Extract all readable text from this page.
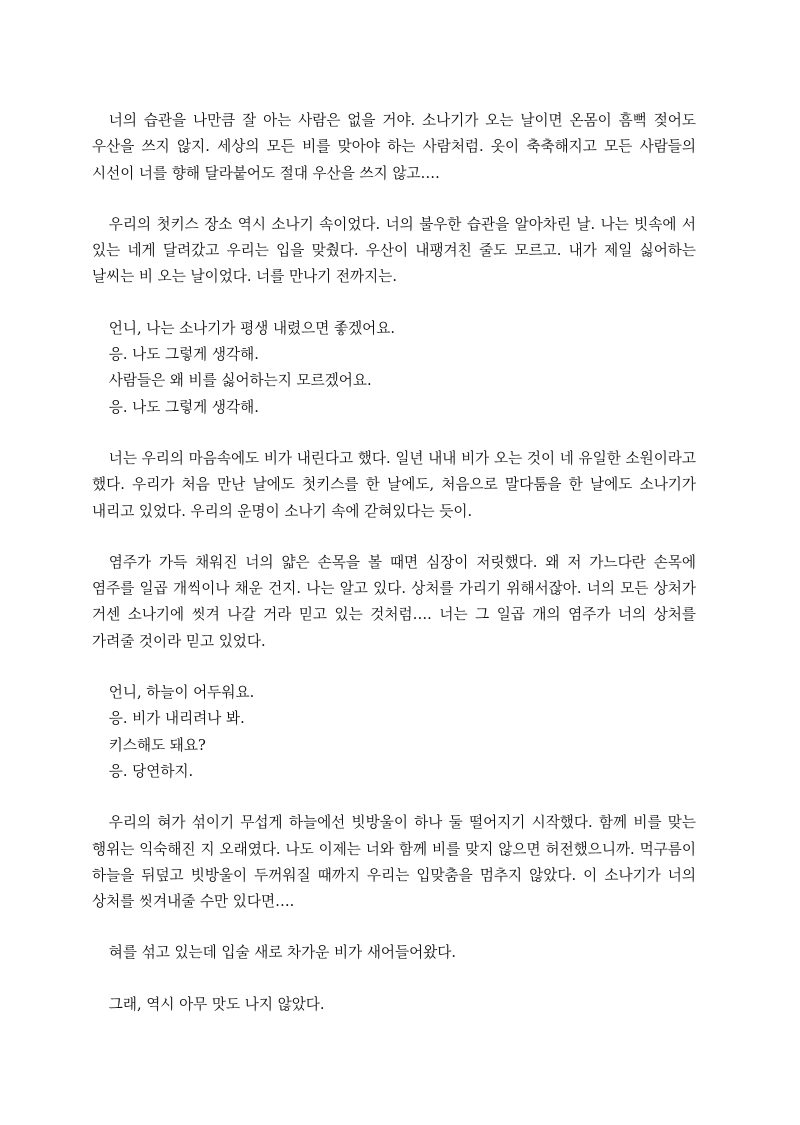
너의 습관을 나만큼 잘 아는 사람은 없을 거야. 소나기가 오는 날이면 온몸이 흠뻑 젖어도 우산을 쓰지 않지. 세상의 모든 비를 맞아야 하는 사람처럼. 옷이 축축해지고 모든 사람들의 시선이 너를 향해 달라붙어도 절대 우산을 쓰지 않고….

우리의 첫키스 장소 역시 소나기 속이었다. 너의 불우한 습관을 알아차린 날. 나는 빗속에 서 있는 네게 달려갔고 우리는 입을 맞췄다. 우산이 내팽겨친 줄도 모르고. 내가 제일 싫어하는 날씨는 비 오는 날이었다. 너를 만나기 전까지는.

언니, 나는 소나기가 평생 내렸으면 좋겠어요.

응. 나도 그렇게 생각해.

사람들은 왜 비를 싫어하는지 모르겠어요.

응. 나도 그렇게 생각해.

너는 우리의 마음속에도 비가 내린다고 했다. 일년 내내 비가 오는 것이 네 유일한 소원이라고 했다. 우리가 처음 만난 날에도 첫키스를 한 날에도, 처음으로 말다툼을 한 날에도 소나기가 내리고 있었다. 우리의 운명이 소나기 속에 갇혀있다는 듯이.

염주가 가득 채워진 너의 얇은 손목을 볼 때면 심장이 저릿했다. 왜 저 가느다란 손목에 염주를 일곱 개씩이나 채운 건지. 나는 알고 있다. 상처를 가리기 위해서잖아. 너의 모든 상처가 거센 소나기에 씻겨 나갈 거라 믿고 있는 것처럼…. 너는 그 일곱 개의 염주가 너의 상처를 가려줄 것이라 믿고 있었다.

언니, 하늘이 어두워요.

응. 비가 내리려나 봐.

키스해도 돼요?

응. 당연하지.

우리의 혀가 섞이기 무섭게 하늘에선 빗방울이 하나 둘 떨어지기 시작했다. 함께 비를 맞는 행위는 익숙해진 지 오래였다. 나도 이제는 너와 함께 비를 맞지 않으면 허전했으니까. 먹구름이 하늘을 뒤덮고 빗방울이 두꺼워질 때까지 우리는 입맞춤을 멈추지 않았다. 이 소나기가 너의 상처를 씻겨내줄 수만 있다면….

혀를 섞고 있는데 입술 새로 차가운 비가 새어들어왔다.

그래, 역시 아무 맛도 나지 않았다.
